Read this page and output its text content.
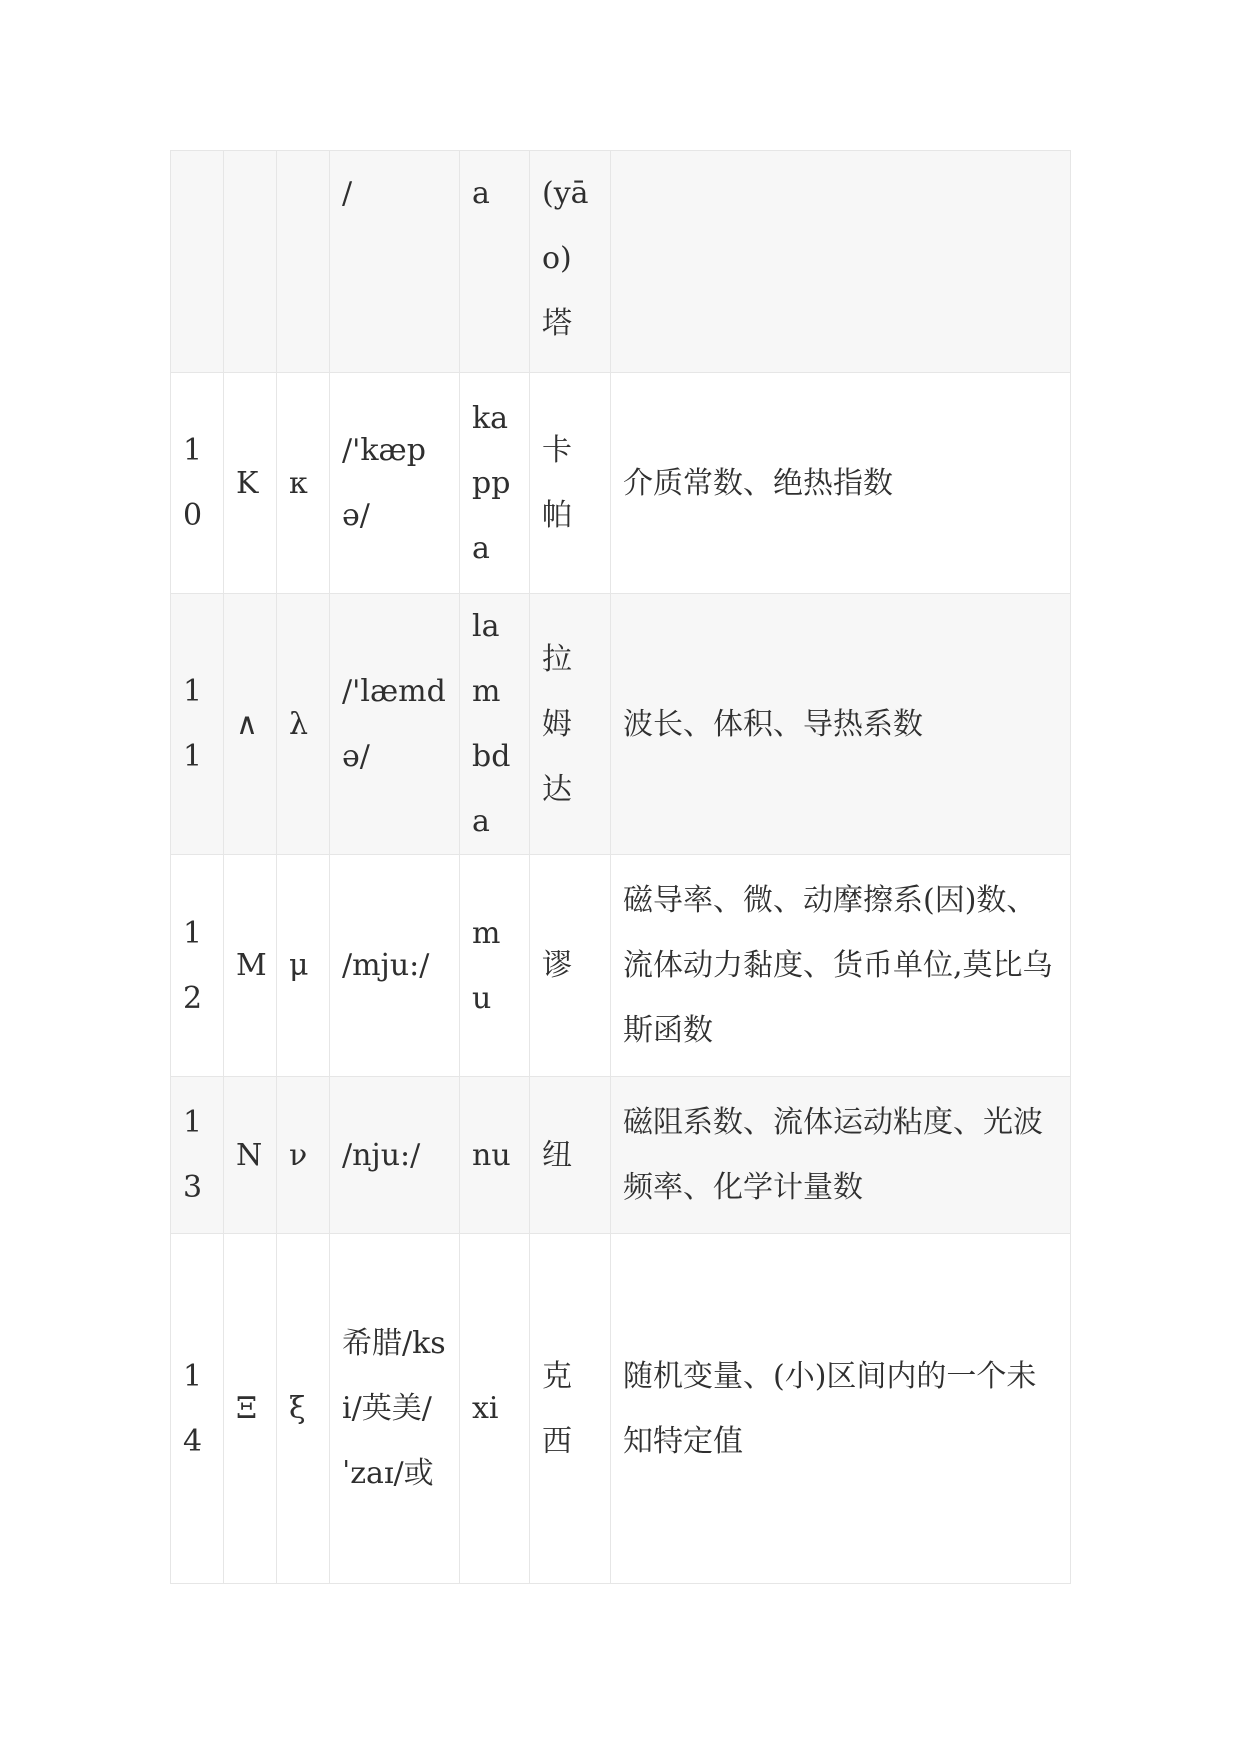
			/	a	(yāo)塔	
10	Κ	κ	/'kæpə/	kappa	卡帕	介质常数、绝热指数
11	∧	λ	/'læmdə/	lambda	拉姆达	波长、体积、导热系数
12	Μ	μ	/mju:/	mu	谬	磁导率、微、动摩擦系(因)数、流体动力黏度、货币单位,莫比乌斯函数
13	Ν	ν	/nju:/	nu	纽	磁阻系数、流体运动粘度、光波频率、化学计量数
14	Ξ	ξ	希腊/ksi/英美/ˈzaɪ/或	xi	克西	随机变量、(小)区间内的一个未知特定值
